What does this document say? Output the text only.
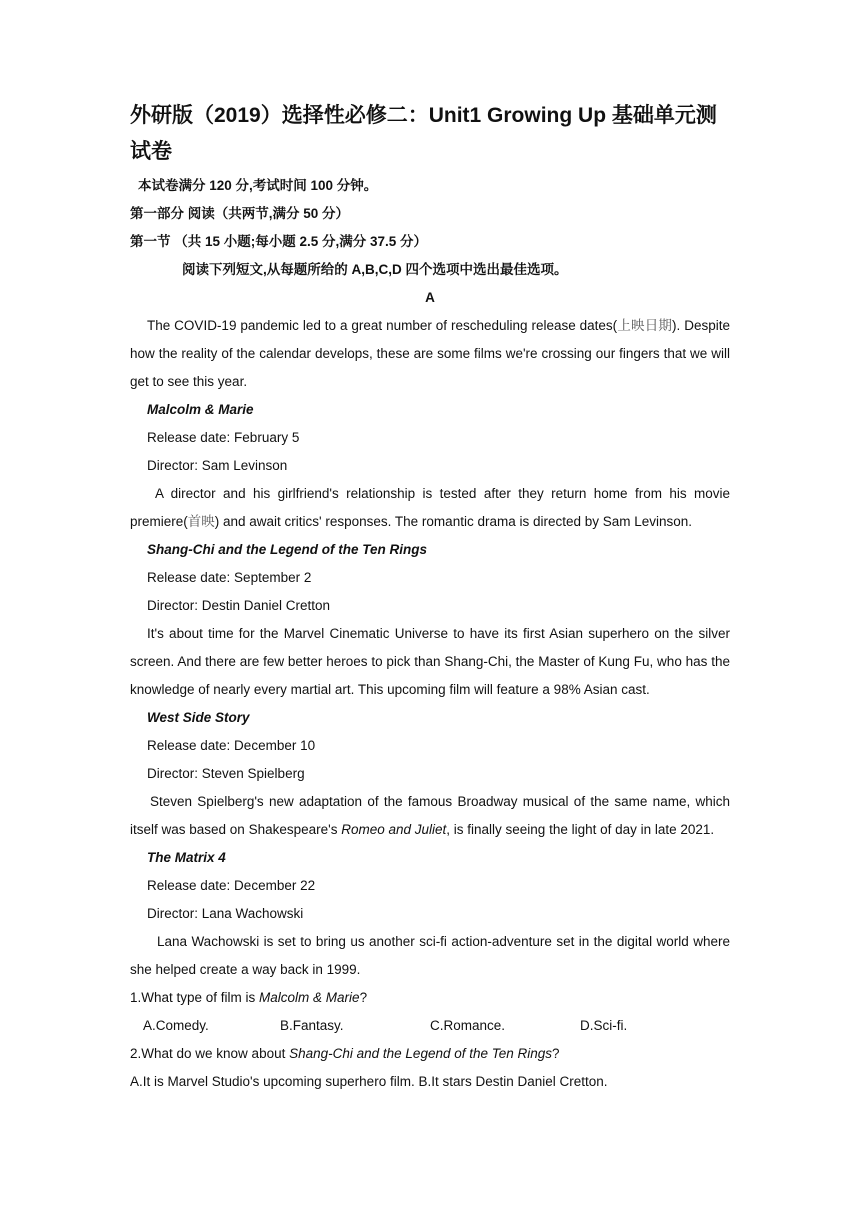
外研版（2019）选择性必修二：Unit1 Growing Up 基础单元测试卷
本试卷满分 120 分,考试时间 100 分钟。
第一部分 阅读（共两节,满分 50 分）
第一节 （共 15 小题;每小题 2.5 分,满分 37.5 分）
阅读下列短文,从每题所给的 A,B,C,D 四个选项中选出最佳选项。
A
The COVID-19 pandemic led to a great number of rescheduling release dates(上映日期). Despite how the reality of the calendar develops, these are some films we're crossing our fingers that we will get to see this year.
Malcolm & Marie
Release date: February 5
Director: Sam Levinson
A director and his girlfriend's relationship is tested after they return home from his movie premiere(首映) and await critics' responses. The romantic drama is directed by Sam Levinson.
Shang-Chi and the Legend of the Ten Rings
Release date: September 2
Director: Destin Daniel Cretton
It's about time for the Marvel Cinematic Universe to have its first Asian superhero on the silver screen. And there are few better heroes to pick than Shang-Chi, the Master of Kung Fu, who has the knowledge of nearly every martial art. This upcoming film will feature a 98% Asian cast.
West Side Story
Release date: December 10
Director: Steven Spielberg
Steven Spielberg's new adaptation of the famous Broadway musical of the same name, which itself was based on Shakespeare's Romeo and Juliet, is finally seeing the light of day in late 2021.
The Matrix 4
Release date: December 22
Director: Lana Wachowski
Lana Wachowski is set to bring us another sci-fi action-adventure set in the digital world where she helped create a way back in 1999.
1.What type of film is Malcolm & Marie?
A.Comedy.	B.Fantasy.	C.Romance.	D.Sci-fi.
2.What do we know about Shang-Chi and the Legend of the Ten Rings?
A.It is Marvel Studio's upcoming superhero film. B.It stars Destin Daniel Cretton.
